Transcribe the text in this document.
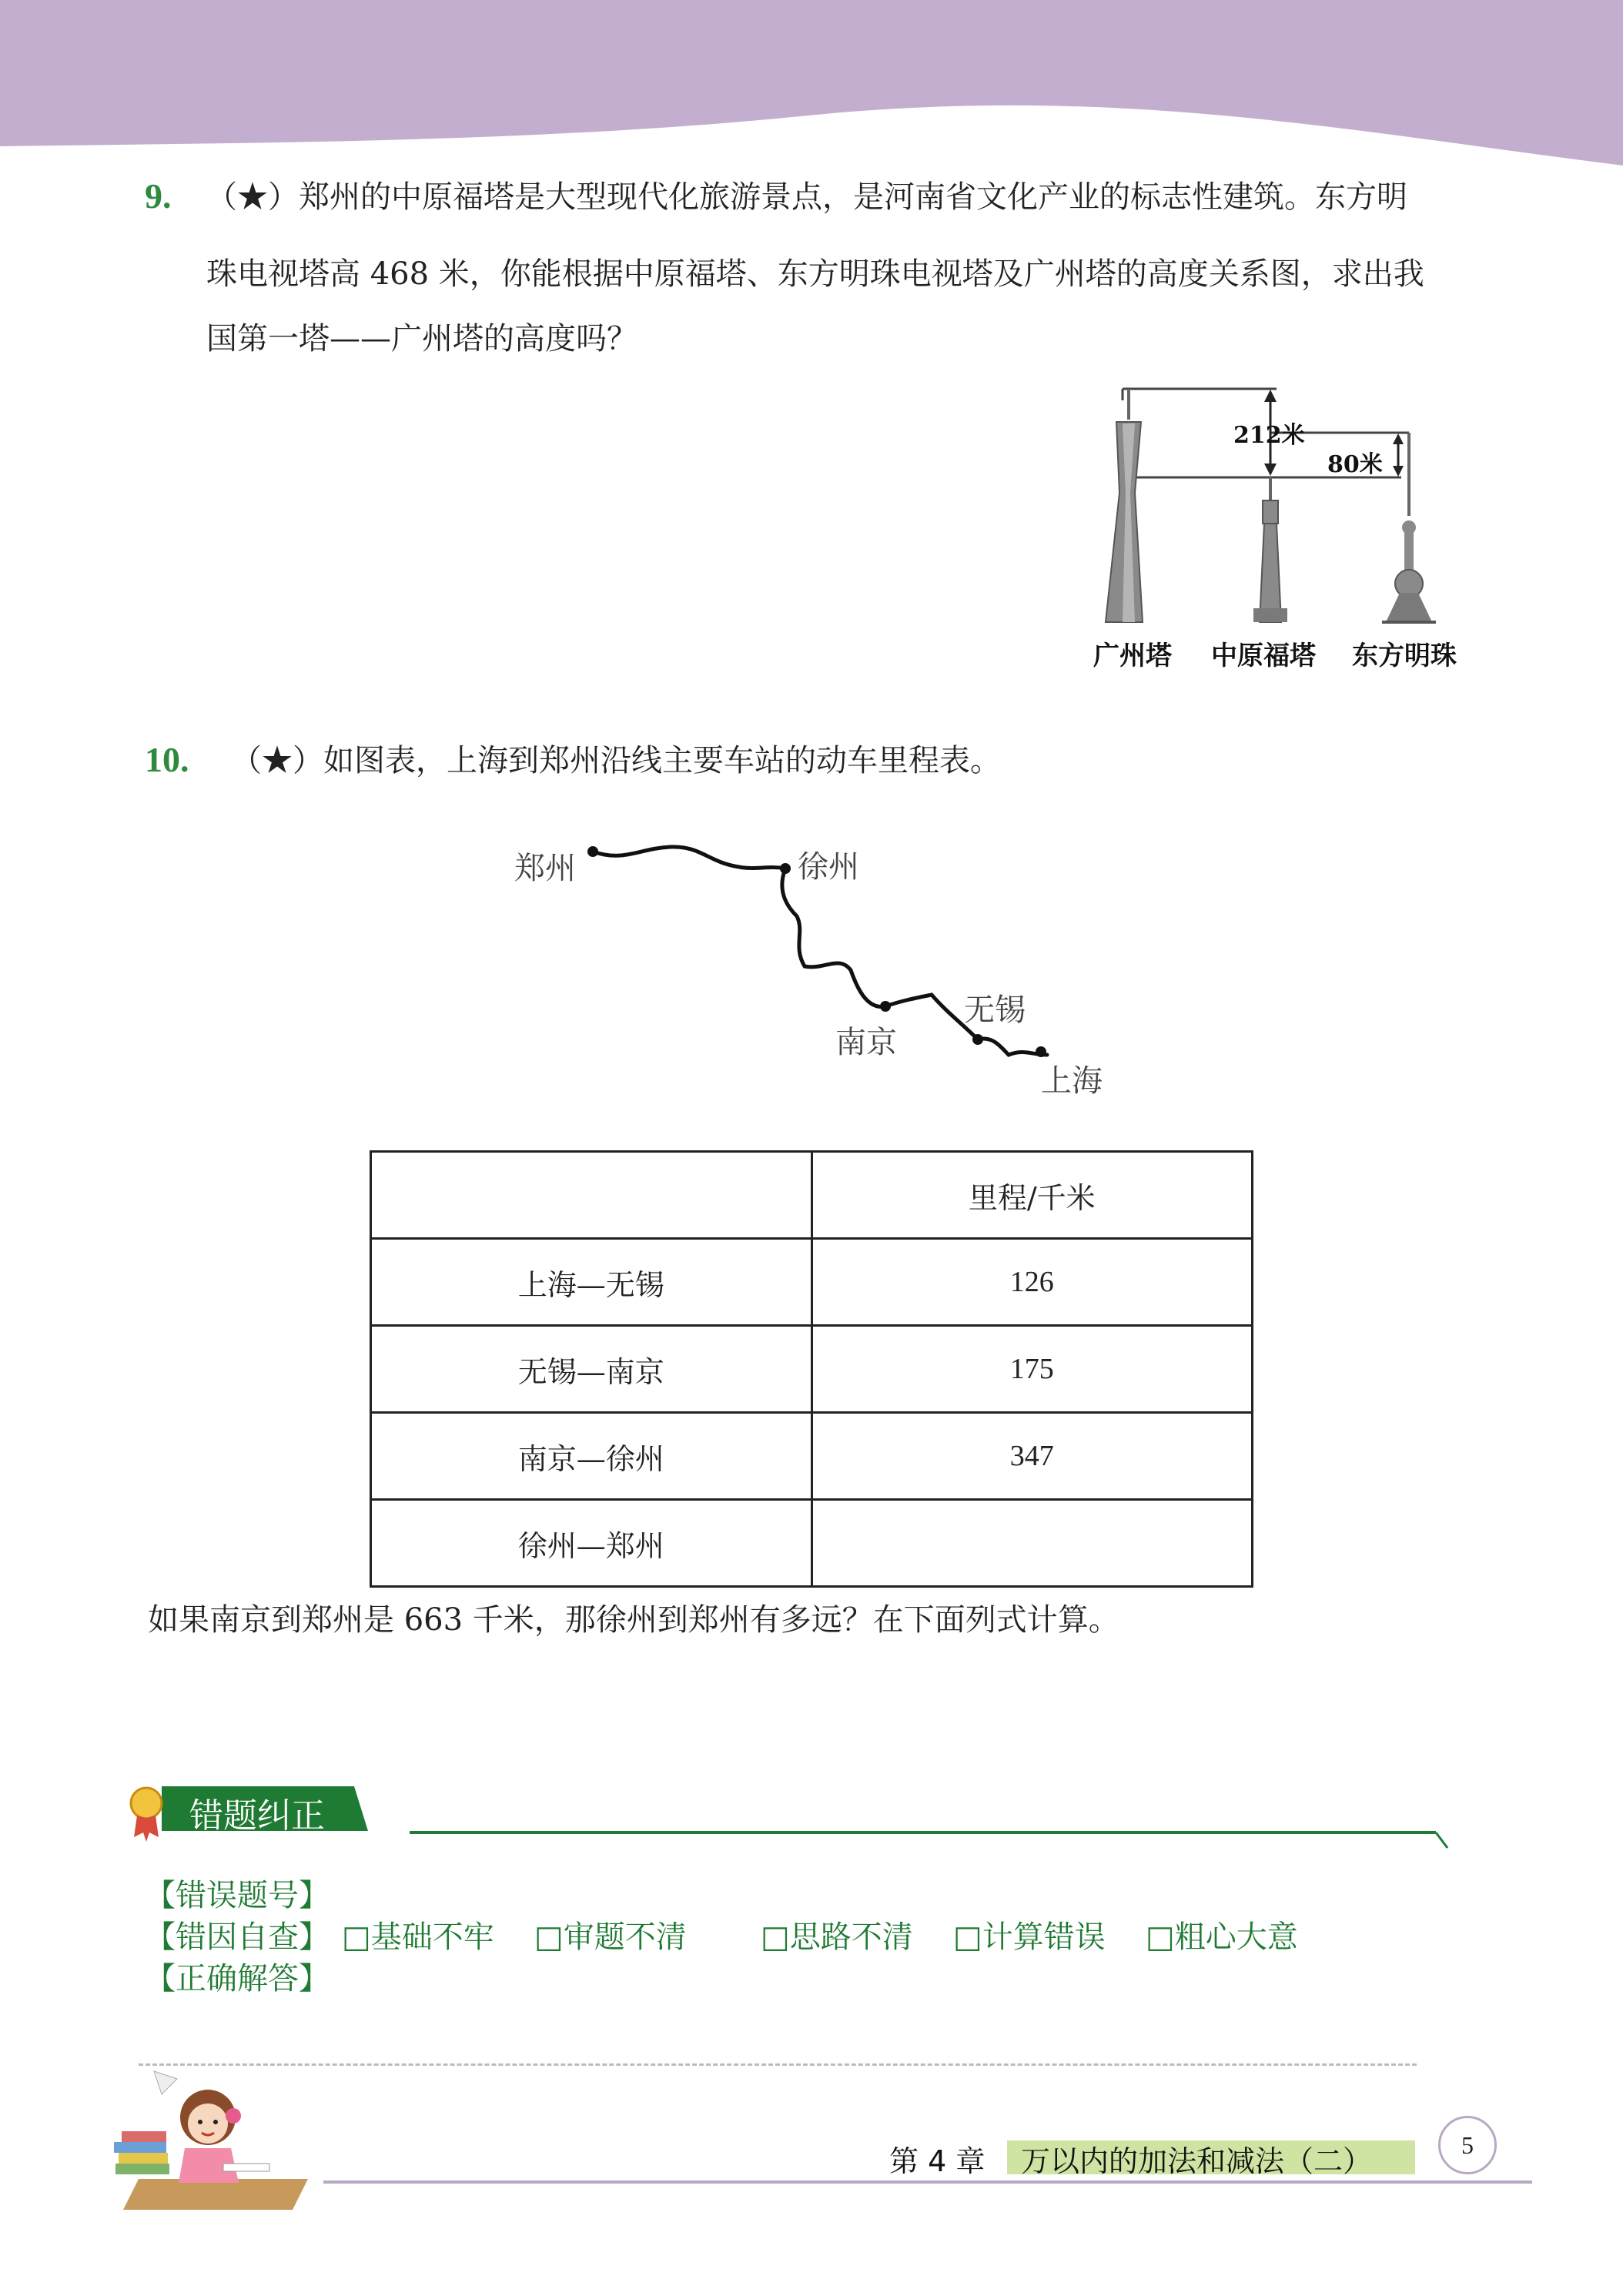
9. （★）郑州的中原福塔是大型现代化旅游景点，是河南省文化产业的标志性建筑。东方明
珠电视塔高 468 米，你能根据中原福塔、东方明珠电视塔及广州塔的高度关系图，求出我
国第一塔——广州塔的高度吗？
212米
80米
广州塔 中原福塔 东方明珠
10. （★）如图表，上海到郑州沿线主要车站的动车里程表。
郑州	徐州
南京
无锡
上海
	里程/千米
上海—无锡	126
无锡—南京	175
南京—徐州	347
徐州—郑州	
如果南京到郑州是 663 千米，那徐州到郑州有多远？在下面列式计算。
错题纠正
【错误题号】
【错因自查】 □基础不牢 □审题不清 □思路不清 □计算错误 □粗心大意
【正确解答】
第 4 章 万以内的加法和减法（二）	5
